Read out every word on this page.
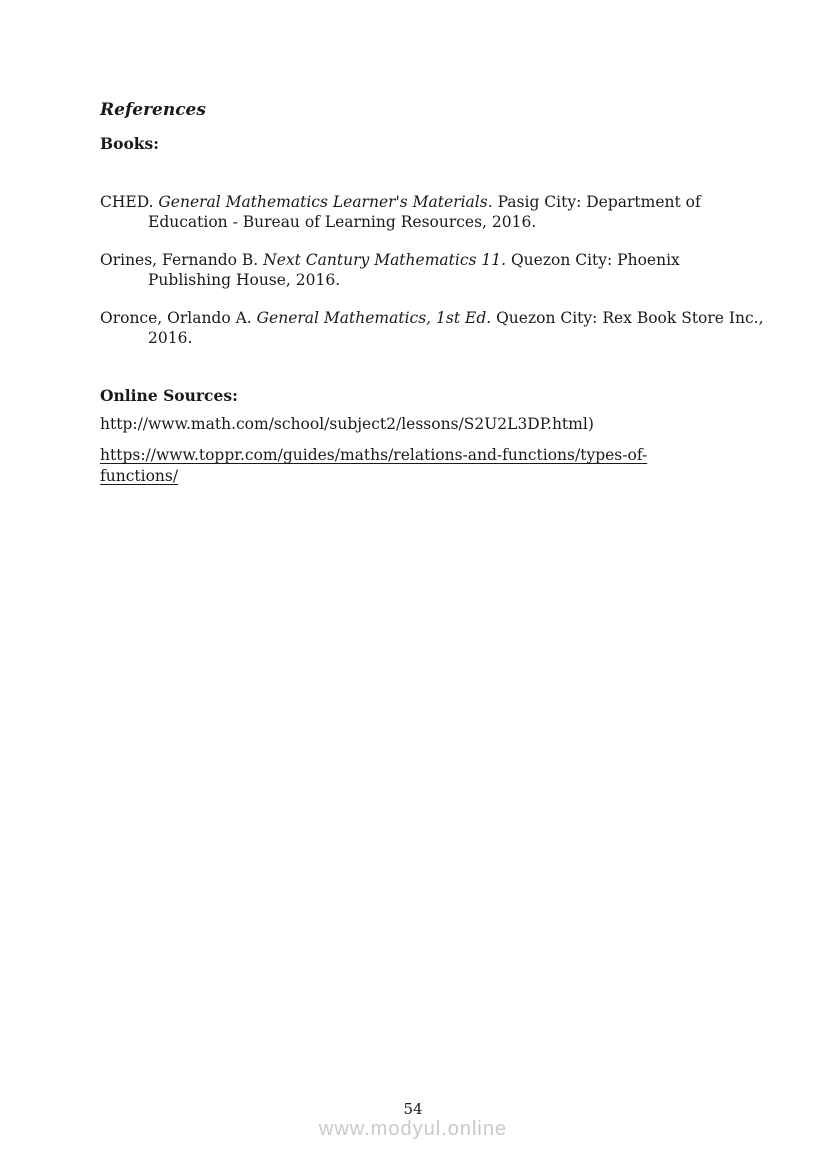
References
Books:
CHED. General Mathematics Learner's Materials. Pasig City: Department of
Education - Bureau of Learning Resources, 2016.
Orines, Fernando B. Next Cantury Mathematics 11. Quezon City: Phoenix
Publishing House, 2016.
Oronce, Orlando A. General Mathematics, 1st Ed. Quezon City: Rex Book Store Inc.,
2016.
Online Sources:

http://www.math.com/school/subject2/lessons/S2U2L3DP.html)

https://www.toppr.com/guides/maths/relations-and-functions/types-of-
functions/
54
www.modyul.online
